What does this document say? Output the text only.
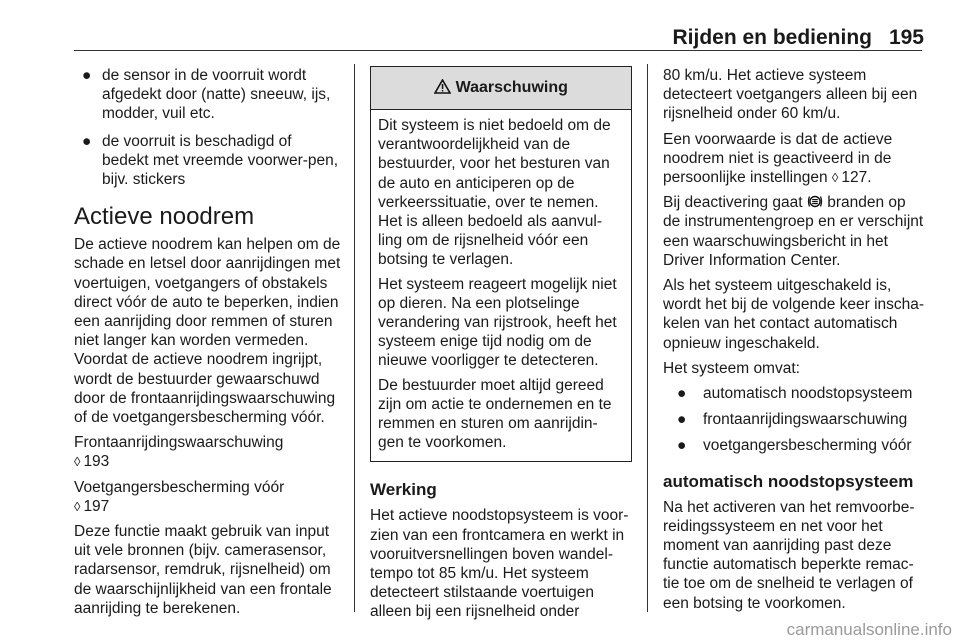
Rijden en bediening 195
● de sensor in de voorruit wordt afgedekt door (natte) sneeuw, ijs, modder, vuil etc.
● de voorruit is beschadigd of bedekt met vreemde voorwer-pen, bijv. stickers
Actieve noodrem

De actieve noodrem kan helpen om de schade en letsel door aanrijdingen met voertuigen, voetgangers of obstakels direct vóór de auto te beperken, indien een aanrijding door remmen of sturen niet langer kan worden vermeden. Voordat de actieve noodrem ingrijpt, wordt de bestuurder gewaarschuwd door de frontaanrijdingswaarschuwing of de voetgangersbescherming vóór.

Frontaanrijdingswaarschuwing
◊ 193

Voetgangersbescherming vóór
◊ 197

Deze functie maakt gebruik van input uit vele bronnen (bijv. camerasensor, radarsensor, remdruk, rijsnelheid) om de waarschijnlijkheid van een frontale aanrijding te berekenen.

Waarschuwing

Dit systeem is niet bedoeld om de verantwoordelijkheid van de bestuurder, voor het besturen van de auto en anticiperen op de verkeerssituatie, over te nemen. Het is alleen bedoeld als aanvul-ling om de rijsnelheid vóór een botsing te verlagen.

Het systeem reageert mogelijk niet op dieren. Na een plotselinge verandering van rijstrook, heeft het systeem enige tijd nodig om de nieuwe voorligger te detecteren.

De bestuurder moet altijd gereed zijn om actie te ondernemen en te remmen en sturen om aanrijdin-gen te voorkomen.

Werking

Het actieve noodstopsysteem is voor-zien van een frontcamera en werkt in vooruitversnellingen boven wandel-tempo tot 85 km/u. Het systeem detecteert stilstaande voertuigen alleen bij een rijsnelheid onder

80 km/u. Het actieve systeem detecteert voetgangers alleen bij een rijsnelheid onder 60 km/u.

Een voorwaarde is dat de actieve noodrem niet is geactiveerd in de persoonlijke instellingen ◊ 127.

Bij deactivering gaat branden op de instrumentengroep en er verschijnt een waarschuwingsbericht in het Driver Information Center.

Als het systeem uitgeschakeld is, wordt het bij de volgende keer inscha-kelen van het contact automatisch opnieuw ingeschakeld.

Het systeem omvat:

● automatisch noodstopsysteem
● frontaanrijdingswaarschuwing
● voetgangersbescherming vóór
automatisch noodstopsysteem

Na het activeren van het remvoorbe-reidingssysteem en net voor het moment van aanrijding past deze functie automatisch beperkte remac-tie toe om de snelheid te verlagen of een botsing te voorkomen.

carmanualsonline.info
